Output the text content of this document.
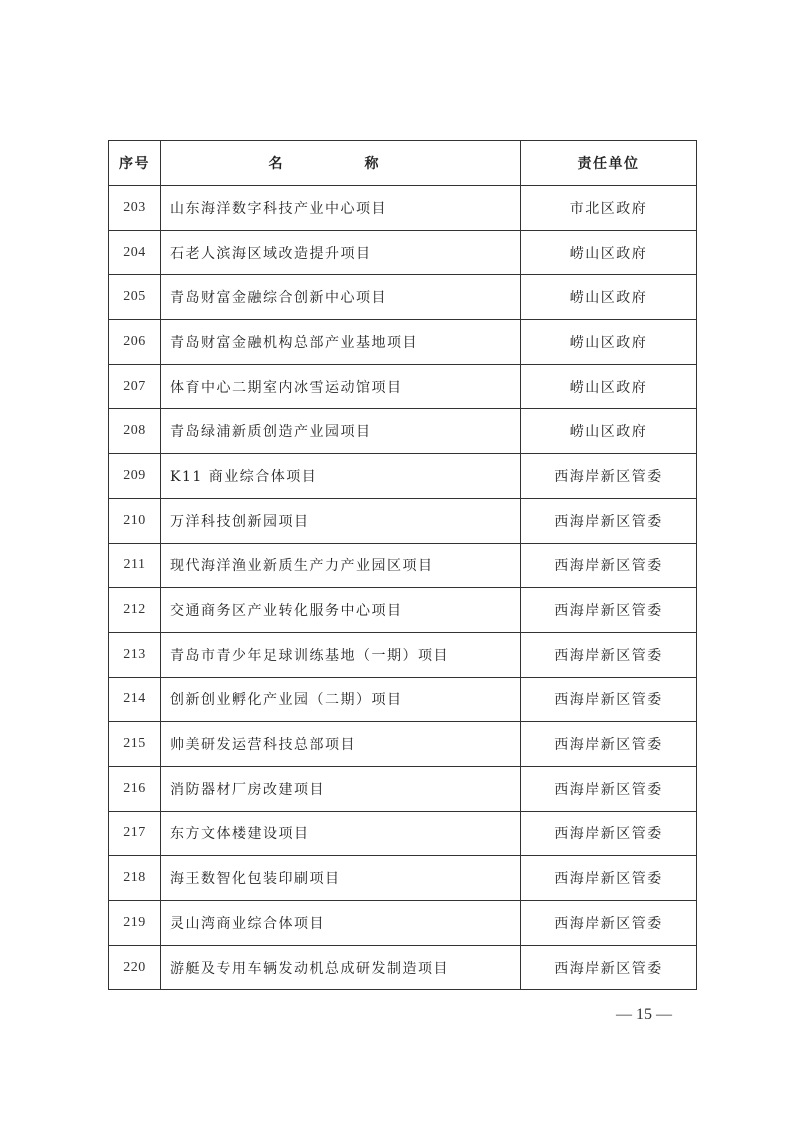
序号	名　称	责任单位
203	山东海洋数字科技产业中心项目	市北区政府
204	石老人滨海区域改造提升项目	崂山区政府
205	青岛财富金融综合创新中心项目	崂山区政府
206	青岛财富金融机构总部产业基地项目	崂山区政府
207	体育中心二期室内冰雪运动馆项目	崂山区政府
208	青岛绿浦新质创造产业园项目	崂山区政府
209	K11 商业综合体项目	西海岸新区管委
210	万洋科技创新园项目	西海岸新区管委
211	现代海洋渔业新质生产力产业园区项目	西海岸新区管委
212	交通商务区产业转化服务中心项目	西海岸新区管委
213	青岛市青少年足球训练基地（一期）项目	西海岸新区管委
214	创新创业孵化产业园（二期）项目	西海岸新区管委
215	帅美研发运营科技总部项目	西海岸新区管委
216	消防器材厂房改建项目	西海岸新区管委
217	东方文体楼建设项目	西海岸新区管委
218	海王数智化包装印刷项目	西海岸新区管委
219	灵山湾商业综合体项目	西海岸新区管委
220	游艇及专用车辆发动机总成研发制造项目	西海岸新区管委
— 15 —
